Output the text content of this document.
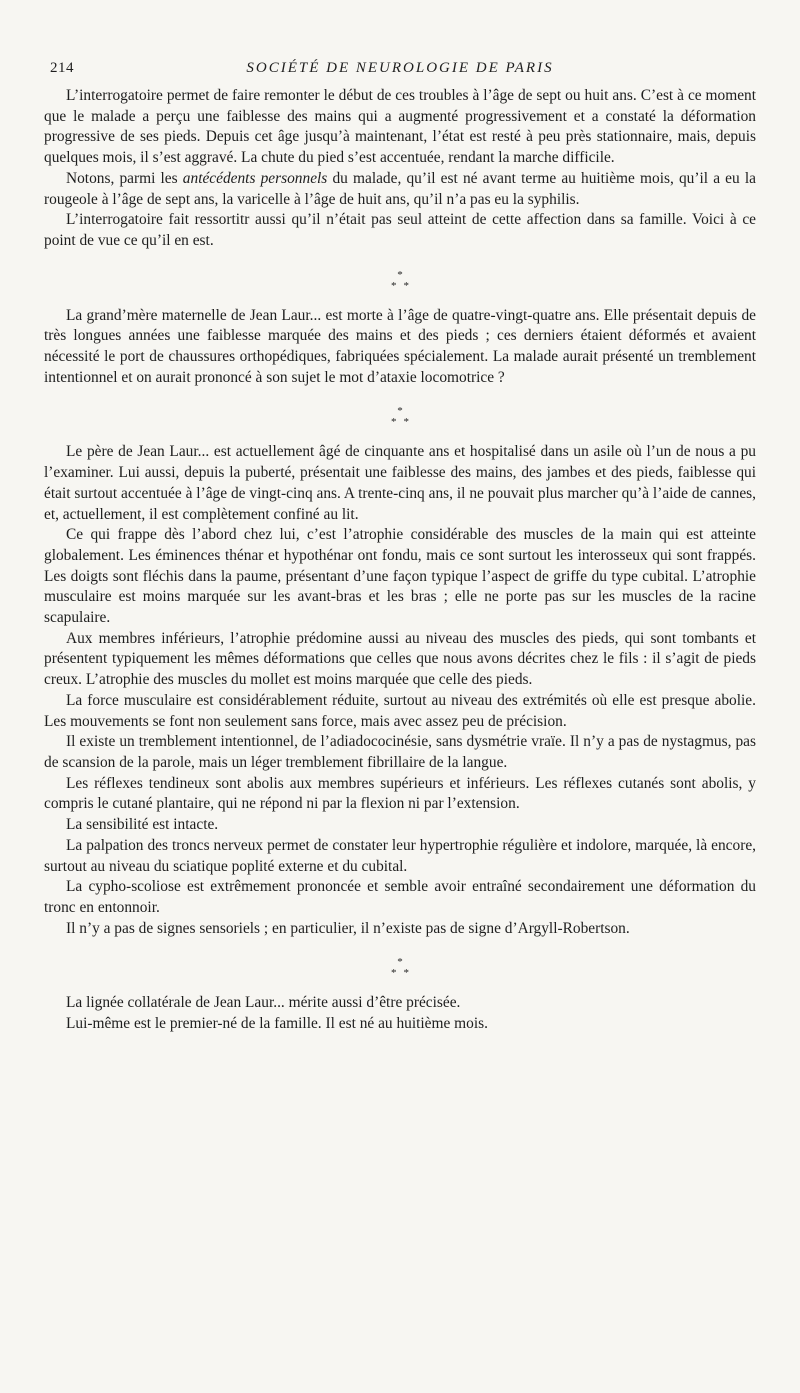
214	SOCIÉTÉ DE NEUROLOGIE DE PARIS

L’interrogatoire permet de faire remonter le début de ces troubles à l’âge de sept ou huit ans. C’est à ce moment que le malade a perçu une faiblesse des mains qui a augmenté progressivement et a constaté la déformation progressive de ses pieds. Depuis cet âge jusqu’à maintenant, l’état est resté à peu près stationnaire, mais, depuis quelques mois, il s’est aggravé. La chute du pied s’est accentuée, rendant la marche difficile.

Notons, parmi les antécédents personnels du malade, qu’il est né avant terme au huitième mois, qu’il a eu la rougeole à l’âge de sept ans, la varicelle à l’âge de huit ans, qu’il n’a pas eu la syphilis.

L’interrogatoire fait ressortitr aussi qu’il n’était pas seul atteint de cette affection dans sa famille. Voici à ce point de vue ce qu’il en est.

*
**

La grand’mère maternelle de Jean Laur... est morte à l’âge de quatre-vingt-quatre ans. Elle présentait depuis de très longues années une faiblesse marquée des mains et des pieds ; ces derniers étaient déformés et avaient nécessité le port de chaussures orthopédiques, fabriquées spécialement. La malade aurait présenté un tremblement intentionnel et on aurait prononcé à son sujet le mot d’ataxie locomotrice ?

*
**

Le père de Jean Laur... est actuellement âgé de cinquante ans et hospitalisé dans un asile où l’un de nous a pu l’examiner. Lui aussi, depuis la puberté, présentait une faiblesse des mains, des jambes et des pieds, faiblesse qui était surtout accentuée à l’âge de vingt-cinq ans. A trente-cinq ans, il ne pouvait plus marcher qu’à l’aide de cannes, et, actuellement, il est complètement confiné au lit.

Ce qui frappe dès l’abord chez lui, c’est l’atrophie considérable des muscles de la main qui est atteinte globalement. Les éminences thénar et hypothénar ont fondu, mais ce sont surtout les interosseux qui sont frappés. Les doigts sont fléchis dans la paume, présentant d’une façon typique l’aspect de griffe du type cubital. L’atrophie musculaire est moins marquée sur les avant-bras et les bras ; elle ne porte pas sur les muscles de la racine scapulaire.

Aux membres inférieurs, l’atrophie prédomine aussi au niveau des muscles des pieds, qui sont tombants et présentent typiquement les mêmes déformations que celles que nous avons décrites chez le fils : il s’agit de pieds creux. L’atrophie des muscles du mollet est moins marquée que celle des pieds.

La force musculaire est considérablement réduite, surtout au niveau des extrémités où elle est presque abolie. Les mouvements se font non seulement sans force, mais avec assez peu de précision.

Il existe un tremblement intentionnel, de l’adiadococinésie, sans dysmétrie vraïe. Il n’y a pas de nystagmus, pas de scansion de la parole, mais un léger tremblement fibrillaire de la langue.

Les réflexes tendineux sont abolis aux membres supérieurs et inférieurs. Les réflexes cutanés sont abolis, y compris le cutané plantaire, qui ne répond ni par la flexion ni par l’extension.

La sensibilité est intacte.

La palpation des troncs nerveux permet de constater leur hypertrophie régulière et indolore, marquée, là encore, surtout au niveau du sciatique poplité externe et du cubital.

La cypho-scoliose est extrêmement prononcée et semble avoir entraîné secondairement une déformation du tronc en entonnoir.

Il n’y a pas de signes sensoriels ; en particulier, il n’existe pas de signe d’Argyll-Robertson.

*
**

La lignée collatérale de Jean Laur... mérite aussi d’être précisée.

Lui-même est le premier-né de la famille. Il est né au huitième mois.
